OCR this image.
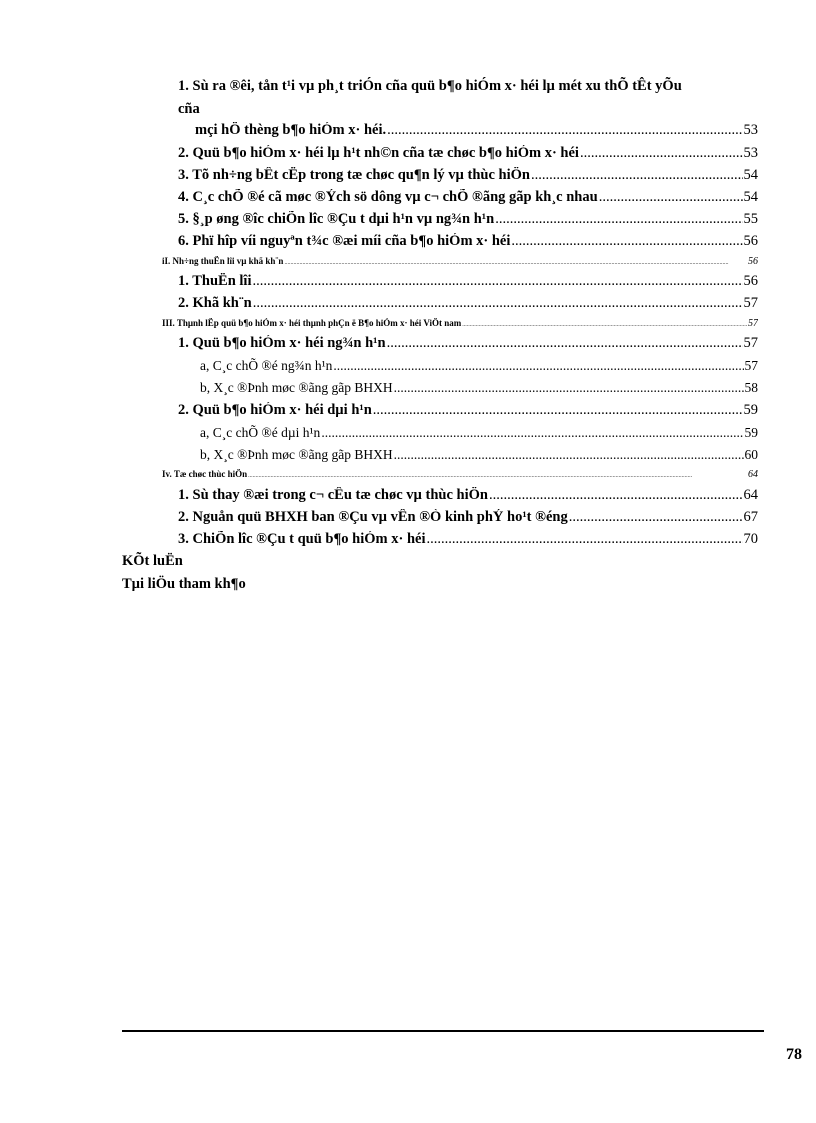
1. Sù ra ®êi, tån t¹i vµ ph¸t triÓn cña quü b¶o hiÓm x· héi lµ mét xu thÕ tÊt yÕu
cña
mçi hÖ thèng b¶o hiÓm x· héi. .....	53
2. Quü b¶o hiÓm x· héi lµ h¹t nh©n cña tæ chøc b¶o hiÓm x· héi .....	53
3. Tõ nh÷ng bÊt cËp trong tæ chøc qu¶n lý vµ thùc hiÖn .....	54
4. C¸c chÕ ®é cã møc ®Ých sö dông vµ c¬ chÕ ®ãng gãp kh¸c nhau .....	54
5. §¸p øng ®îc chiÕn lîc ®Çu t dµi h¹n vµ ng¾n h¹n .....	55
6. Phï hîp víi nguyªn t¾c ®æi míi cña b¶o hiÓm x· héi .....	56
iI. Nh÷ng thuËn lîi vµ khã kh¨n .....	56
1. ThuËn lîi .....	56
2. Khã kh¨n .....	57
III. Thµnh lËp quü b¶o hiÓm x· héi thµnh phÇn ë B¶o hiÓm x· héi ViÖt nam .....	57
1. Quü b¶o hiÓm x· héi ng¾n h¹n .....	57
a, C¸c chÕ ®é ng¾n h¹n .....	57
b, X¸c ®Þnh møc ®ãng gãp BHXH .....	58
2. Quü b¶o hiÓm x· héi dµi h¹n .....	59
a, C¸c chÕ ®é dµi h¹n .....	59
b, X¸c ®Þnh møc ®ãng gãp BHXH .....	60
Iv. Tæ chøc thùc hiÖn .....	64
1. Sù thay ®æi trong c¬ cÊu tæ chøc vµ thùc hiÖn .....	64
2. Nguån quü BHXH ban ®Çu vµ vÊn ®Ò kinh phÝ ho¹t ®éng .....	67
3. ChiÕn lîc ®Çu t quü b¶o hiÓm x· héi .....	70
KÕt luËn
Tµi liÖu tham kh¶o
78
